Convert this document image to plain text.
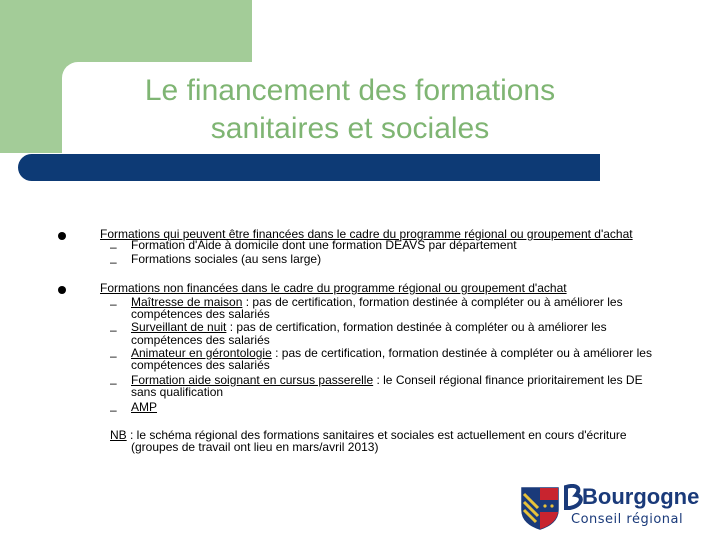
Le financement des formations
sanitaires et sociales
Formations qui peuvent être financées dans le cadre du programme régional ou groupement d'achat
– Formation d'Aide à domicile dont une formation DEAVS par département
– Formations sociales (au sens large)
Formations non financées dans le cadre du programme régional ou groupement d'achat
– Maîtresse de maison : pas de certification, formation destinée à compléter ou à améliorer les
compétences des salariés
– Surveillant de nuit : pas de certification, formation destinée à compléter ou à améliorer les
compétences des salariés
– Animateur en gérontologie : pas de certification, formation destinée à compléter ou à améliorer les
compétences des salariés
– Formation aide soignant en cursus passerelle : le Conseil régional finance prioritairement les DE
sans qualification
– AMP
NB : le schéma régional des formations sanitaires et sociales est actuellement en cours d'écriture
(groupes de travail ont lieu en mars/avril 2013)
Bourgogne
Conseil régional
